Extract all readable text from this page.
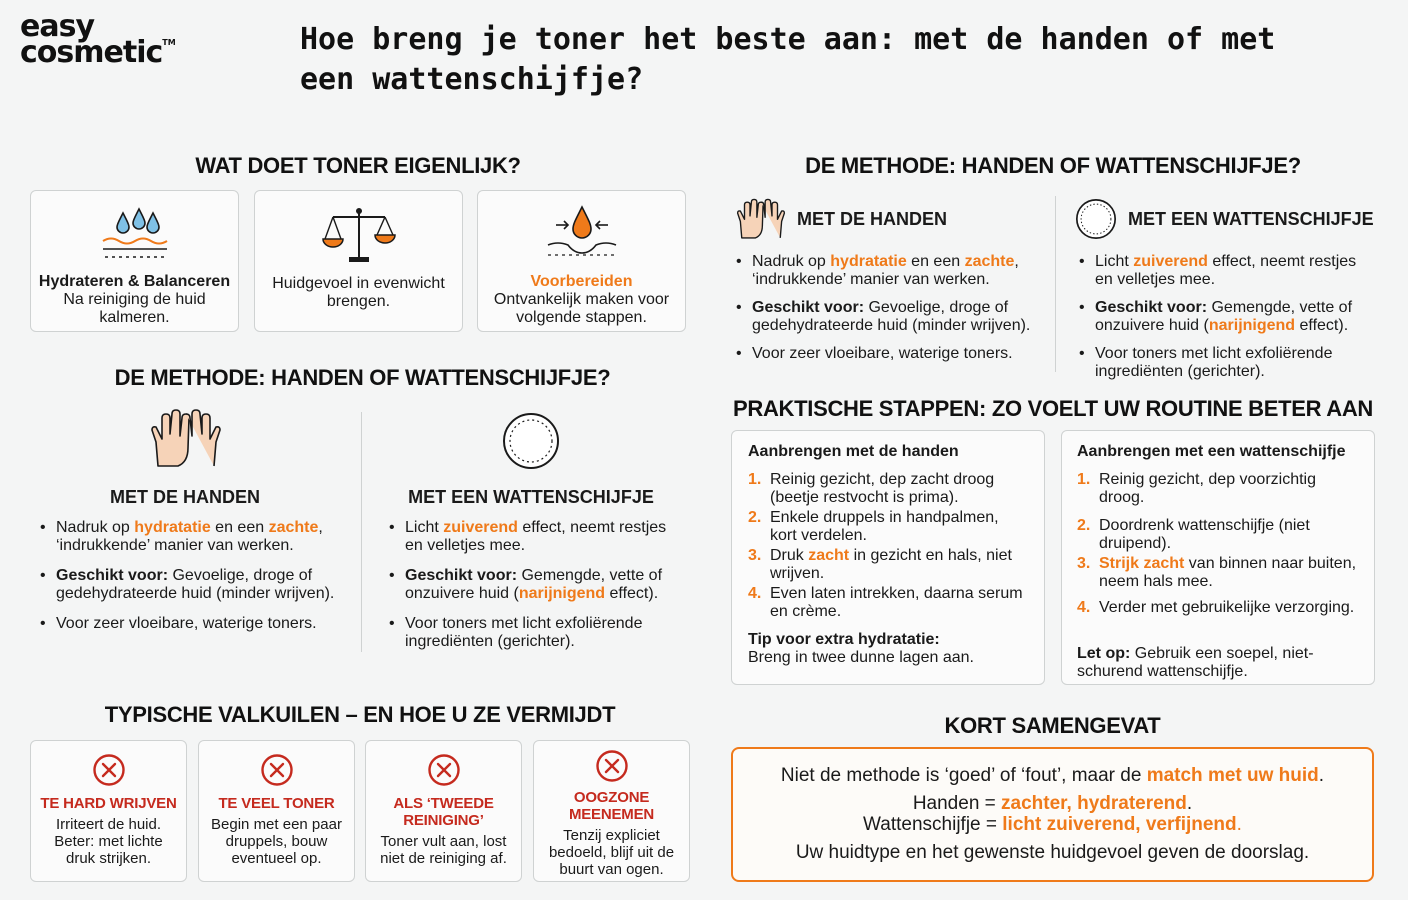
easy
cosmetic™	Hoe breng je toner het beste aan: met de handen of met een wattenschijfje?
WAT DOET TONER EIGENLIJK?
Hydrateren & Balanceren
Na reiniging de huid kalmeren.
Huidgevoel in evenwicht brengen.
Voorbereiden
Ontvankelijk maken voor volgende stappen.
DE METHODE: HANDEN OF WATTENSCHIJFJE?
MET DE HANDEN
• Nadruk op hydratatie en een zachte, ‘indrukkende’ manier van werken.
• Geschikt voor: Gevoelige, droge of gedehydrateerde huid (minder wrijven).
• Voor zeer vloeibare, waterige toners.
MET EEN WATTENSCHIJFJE
• Licht zuiverend effect, neemt restjes en velletjes mee.
• Geschikt voor: Gemengde, vette of onzuivere huid (narijnigend effect).
• Voor toners met licht exfoliërende ingrediënten (gerichter).
DE METHODE: HANDEN OF WATTENSCHIJFJE?
MET DE HANDEN
• Nadruk op hydratatie en een zachte, ‘indrukkende’ manier van werken.
• Geschikt voor: Gevoelige, droge of gedehydrateerde huid (minder wrijven).
• Voor zeer vloeibare, waterige toners.
MET EEN WATTENSCHIJFJE
• Licht zuiverend effect, neemt restjes en velletjes mee.
• Geschikt voor: Gemengde, vette of onzuivere huid (narijnigend effect).
• Voor toners met licht exfoliërende ingrediënten (gerichter).
PRAKTISCHE STAPPEN: ZO VOELT UW ROUTINE BETER AAN
Aanbrengen met de handen
1. Reinig gezicht, dep zacht droog (beetje restvocht is prima).
2. Enkele druppels in handpalmen, kort verdelen.
3. Druk zacht in gezicht en hals, niet wrijven.
4. Even laten intrekken, daarna serum en crème.
Tip voor extra hydratatie:
Breng in twee dunne lagen aan.
Aanbrengen met een wattenschijfje
1. Reinig gezicht, dep voorzichtig droog.
2. Doordrenk wattenschijfje (niet druipend).
3. Strijk zacht van binnen naar buiten, neem hals mee.
4. Verder met gebruikelijke verzorging.
Let op: Gebruik een soepel, niet-schurend wattenschijfje.
TYPISCHE VALKUILEN – EN HOE U ZE VERMIJDT
TE HARD WRIJVEN
Irriteert de huid. Beter: met lichte druk strijken.
TE VEEL TONER
Begin met een paar druppels, bouw eventueel op.
ALS ‘TWEEDE REINIGING’
Toner vult aan, lost niet de reiniging af.
OOGZONE MEENEMEN
Tenzij expliciet bedoeld, blijf uit de buurt van ogen.
KORT SAMENGEVAT
Niet de methode is ‘goed’ of ‘fout’, maar de match met uw huid.
Handen = zachter, hydraterend.
Wattenschijfje = licht zuiverend, verfijnend.
Uw huidtype en het gewenste huidgevoel geven de doorslag.
